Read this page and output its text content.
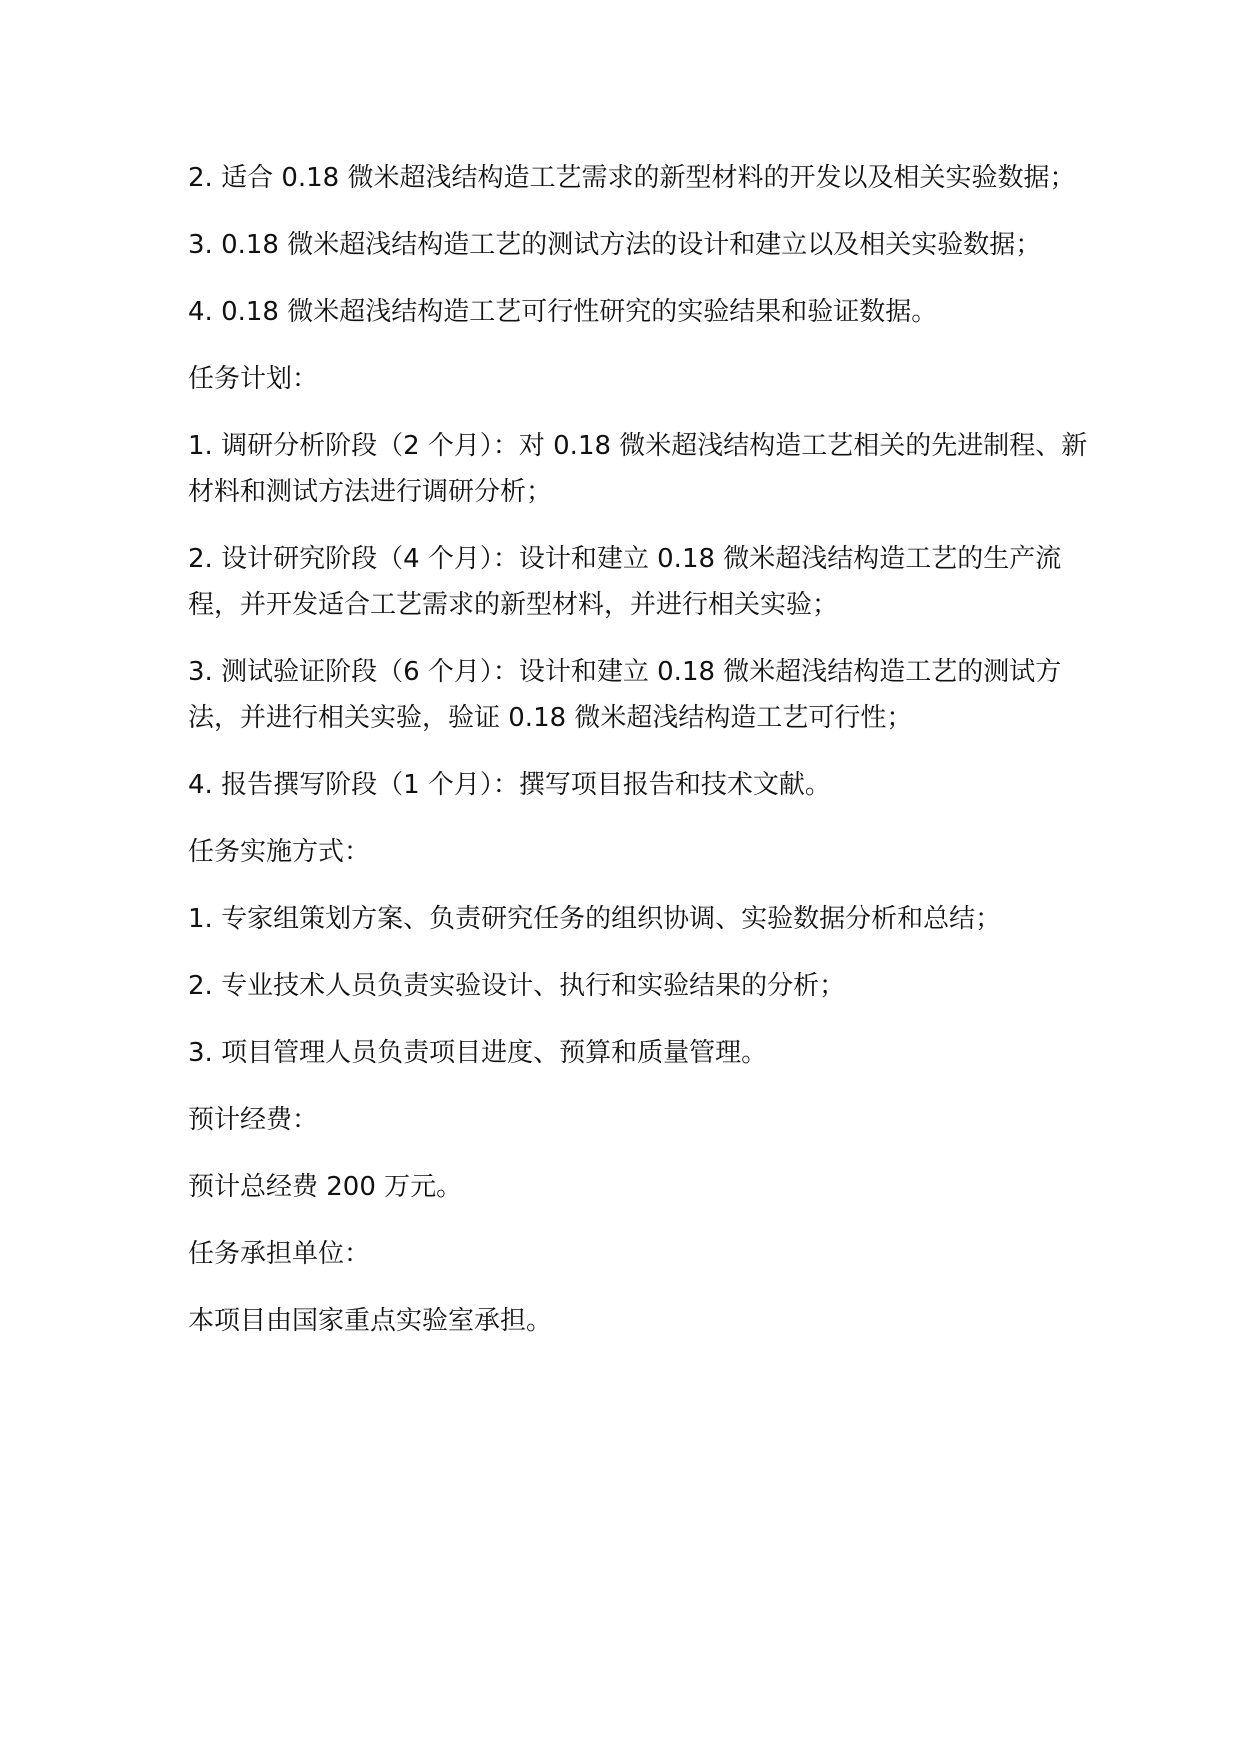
2. 适合 0.18 微米超浅结构造工艺需求的新型材料的开发以及相关实验数据；

3. 0.18 微米超浅结构造工艺的测试方法的设计和建立以及相关实验数据；

4. 0.18 微米超浅结构造工艺可行性研究的实验结果和验证数据。

任务计划：

1. 调研分析阶段（2 个月）：对 0.18 微米超浅结构造工艺相关的先进制程、新材料和测试方法进行调研分析；

2. 设计研究阶段（4 个月）：设计和建立 0.18 微米超浅结构造工艺的生产流程，并开发适合工艺需求的新型材料，并进行相关实验；

3. 测试验证阶段（6 个月）：设计和建立 0.18 微米超浅结构造工艺的测试方法，并进行相关实验，验证 0.18 微米超浅结构造工艺可行性；

4. 报告撰写阶段（1 个月）：撰写项目报告和技术文献。

任务实施方式：

1. 专家组策划方案、负责研究任务的组织协调、实验数据分析和总结；

2. 专业技术人员负责实验设计、执行和实验结果的分析；

3. 项目管理人员负责项目进度、预算和质量管理。

预计经费：

预计总经费 200 万元。

任务承担单位：

本项目由国家重点实验室承担。
